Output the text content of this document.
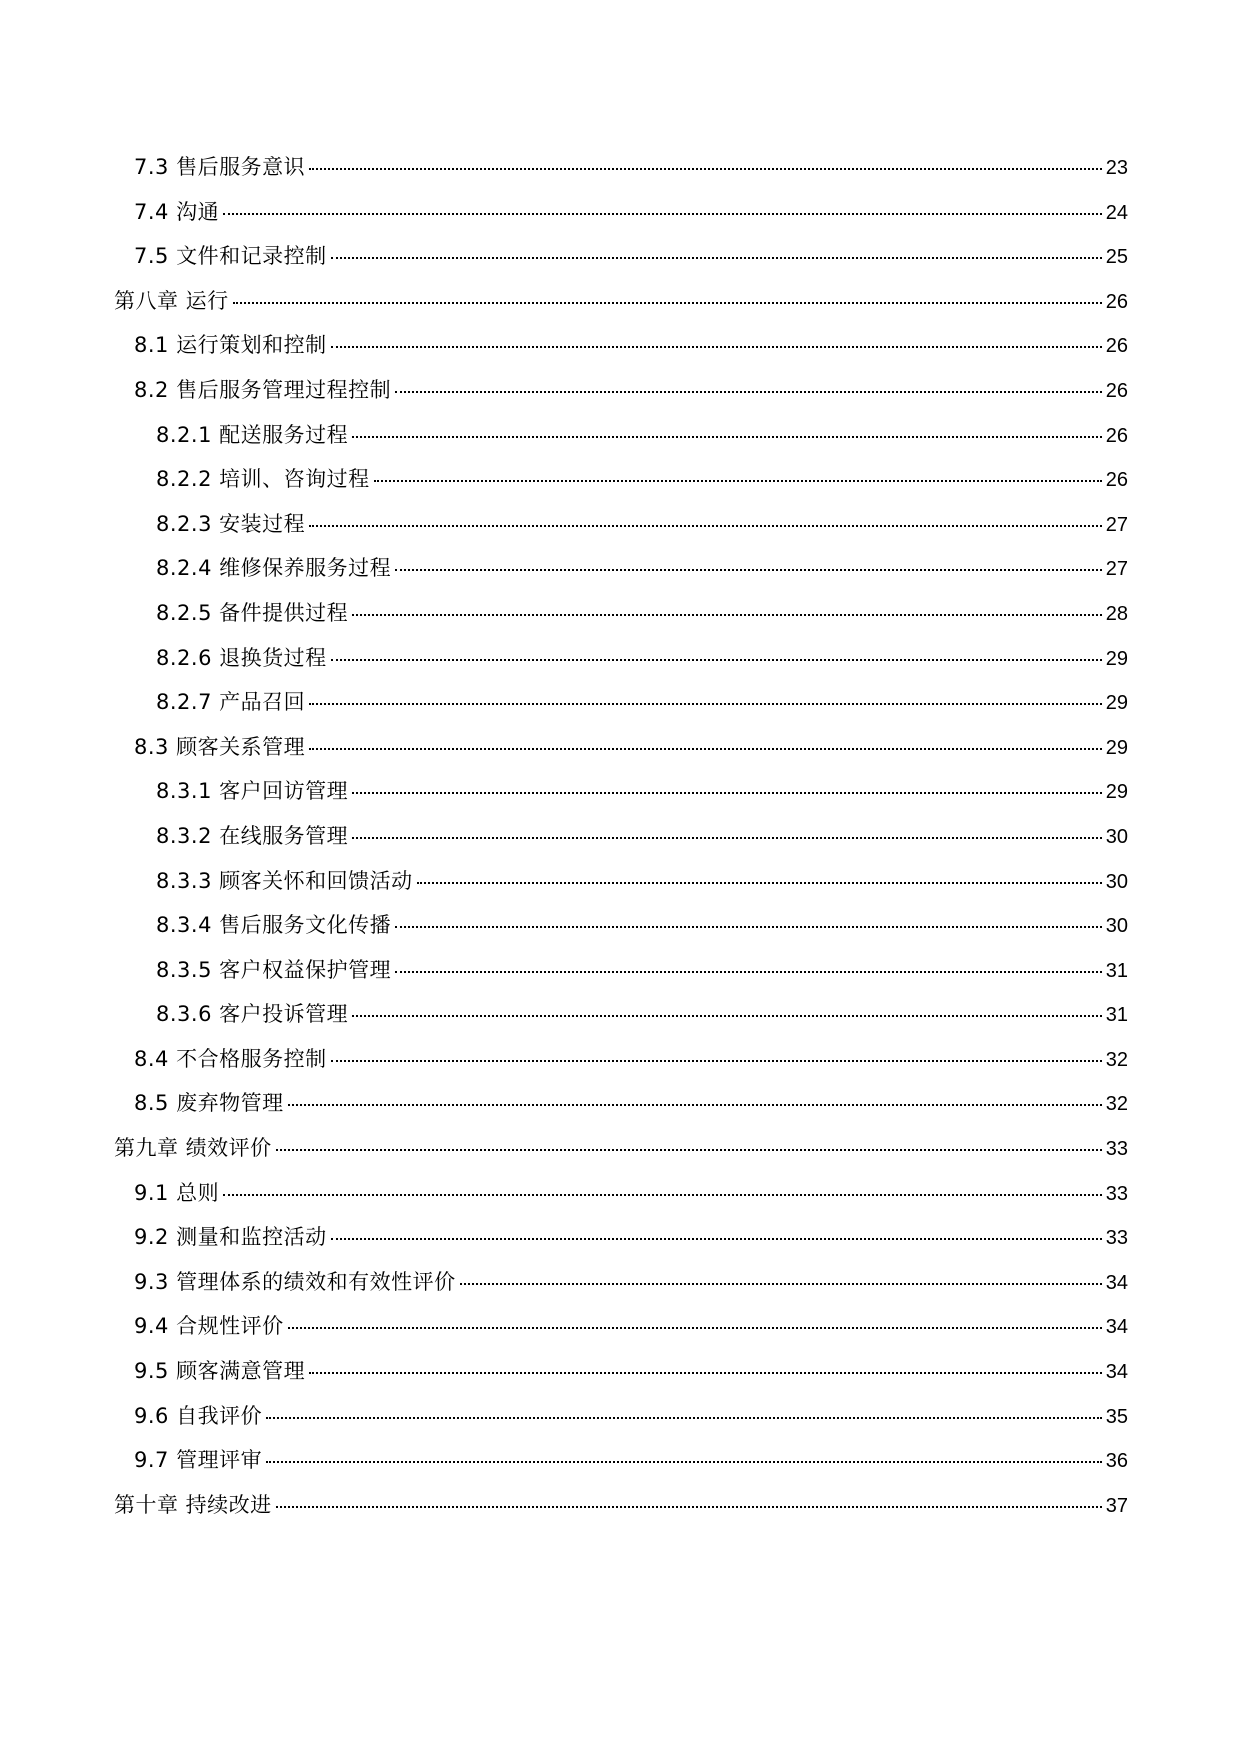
7.3 售后服务意识	23
7.4 沟通	24
7.5 文件和记录控制	25
第八章 运行	26
8.1 运行策划和控制	26
8.2 售后服务管理过程控制	26
8.2.1 配送服务过程	26
8.2.2 培训、咨询过程	26
8.2.3 安装过程	27
8.2.4 维修保养服务过程	27
8.2.5 备件提供过程	28
8.2.6 退换货过程	29
8.2.7 产品召回	29
8.3 顾客关系管理	29
8.3.1 客户回访管理	29
8.3.2 在线服务管理	30
8.3.3 顾客关怀和回馈活动	30
8.3.4 售后服务文化传播	30
8.3.5 客户权益保护管理	31
8.3.6 客户投诉管理	31
8.4 不合格服务控制	32
8.5 废弃物管理	32
第九章 绩效评价	33
9.1 总则	33
9.2 测量和监控活动	33
9.3 管理体系的绩效和有效性评价	34
9.4 合规性评价	34
9.5 顾客满意管理	34
9.6 自我评价	35
9.7 管理评审	36
第十章 持续改进	37
